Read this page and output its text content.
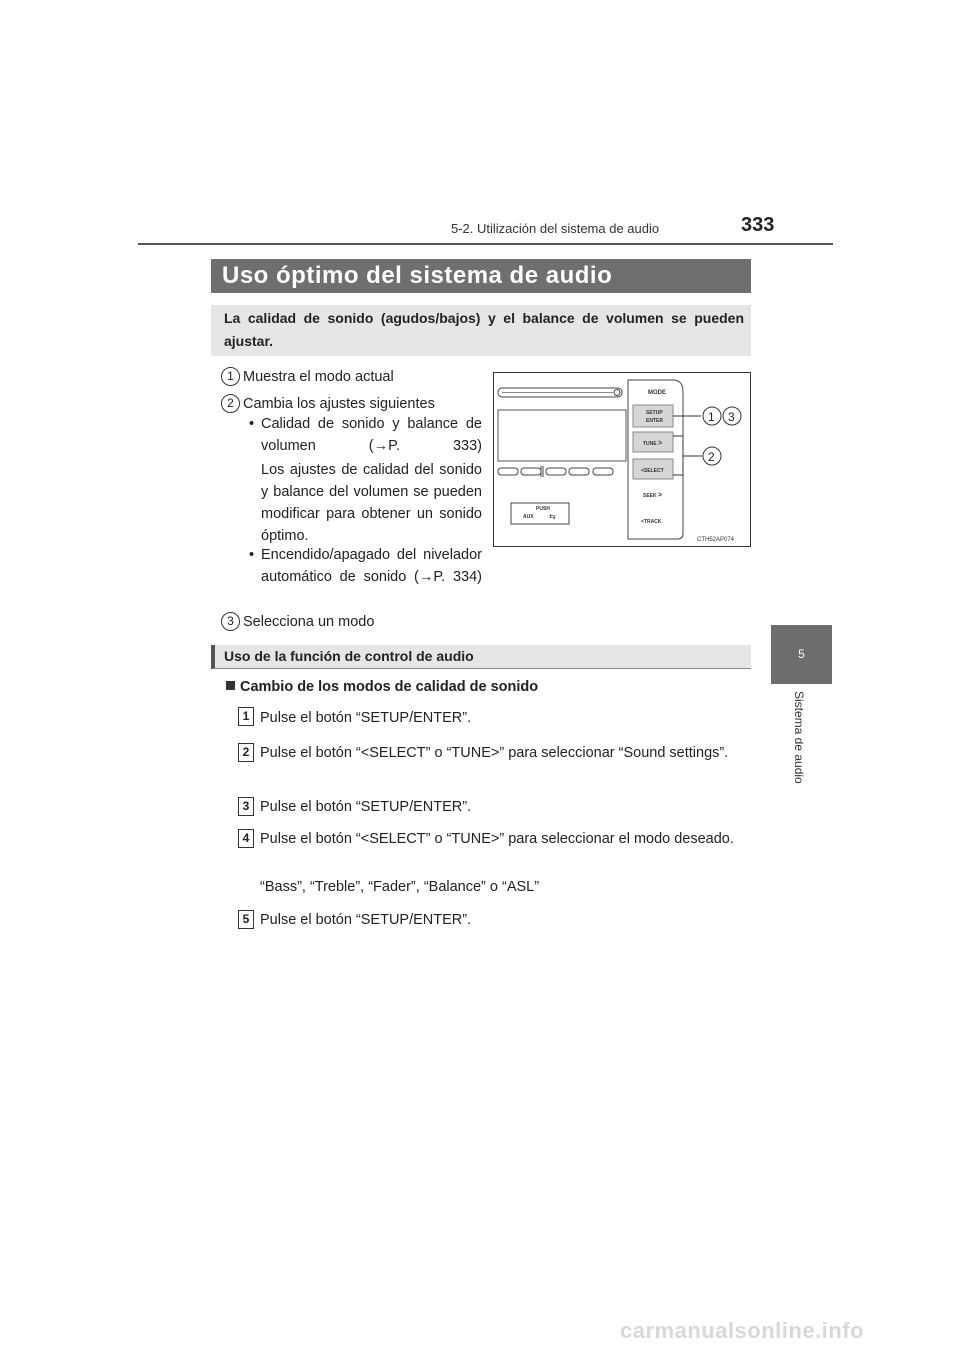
5-2. Utilización del sistema de audio	333
5
Sistema de audio
Uso óptimo del sistema de audio
La calidad de sonido (agudos/bajos) y el balance de volumen se pueden ajustar.
1 Muestra el modo actual
2 Cambia los ajustes siguientes
• Calidad de sonido y balance de volumen (→P. 333)
Los ajustes de calidad del sonido y balance del volumen se pueden modificar para obtener un sonido óptimo.
• Encendido/apagado del nivelador automático de sonido (→P. 334)
3 Selecciona un modo
PUSH
AUX ⇆
MODE
SETUP
ENTER
TUNE >
<SELECT
SEEK >
<TRACK
1 3
2
CTH52AP074
Uso de la función de control de audio
Cambio de los modos de calidad de sonido
1 Pulse el botón “SETUP/ENTER”.
2 Pulse el botón “<SELECT” o “TUNE>” para seleccionar “Sound settings”.
3 Pulse el botón “SETUP/ENTER”.
4 Pulse el botón “<SELECT” o “TUNE>” para seleccionar el modo deseado.
“Bass”, “Treble”, “Fader”, “Balance” o “ASL”
5 Pulse el botón “SETUP/ENTER”.
carmanualsonline.info
